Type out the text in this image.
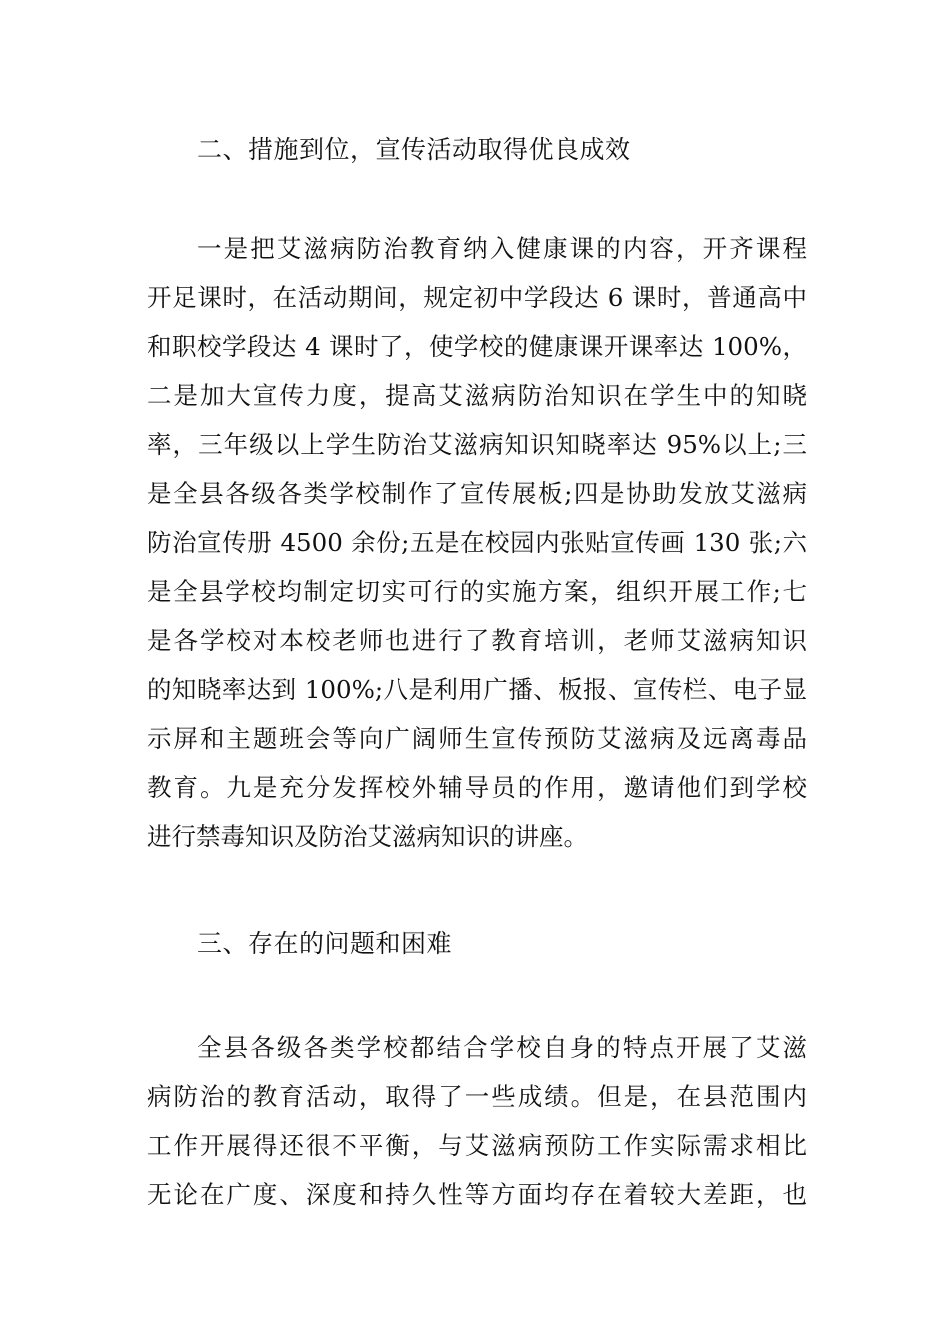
二、措施到位，宣传活动取得优良成效
一是把艾滋病防治教育纳入健康课的内容，开齐课程
开足课时，在活动期间，规定初中学段达 6 课时，普通高中
和职校学段达 4 课时了，使学校的健康课开课率达 100%，
二是加大宣传力度，提高艾滋病防治知识在学生中的知晓
率，三年级以上学生防治艾滋病知识知晓率达 95%以上;三
是全县各级各类学校制作了宣传展板;四是协助发放艾滋病
防治宣传册 4500 余份;五是在校园内张贴宣传画 130 张;六
是全县学校均制定切实可行的实施方案，组织开展工作;七
是各学校对本校老师也进行了教育培训，老师艾滋病知识
的知晓率达到 100%;八是利用广播、板报、宣传栏、电子显
示屏和主题班会等向广阔师生宣传预防艾滋病及远离毒品
教育。九是充分发挥校外辅导员的作用，邀请他们到学校
进行禁毒知识及防治艾滋病知识的讲座。
三、存在的问题和困难
全县各级各类学校都结合学校自身的特点开展了艾滋
病防治的教育活动，取得了一些成绩。但是，在县范围内
工作开展得还很不平衡，与艾滋病预防工作实际需求相比
无论在广度、深度和持久性等方面均存在着较大差距，也
